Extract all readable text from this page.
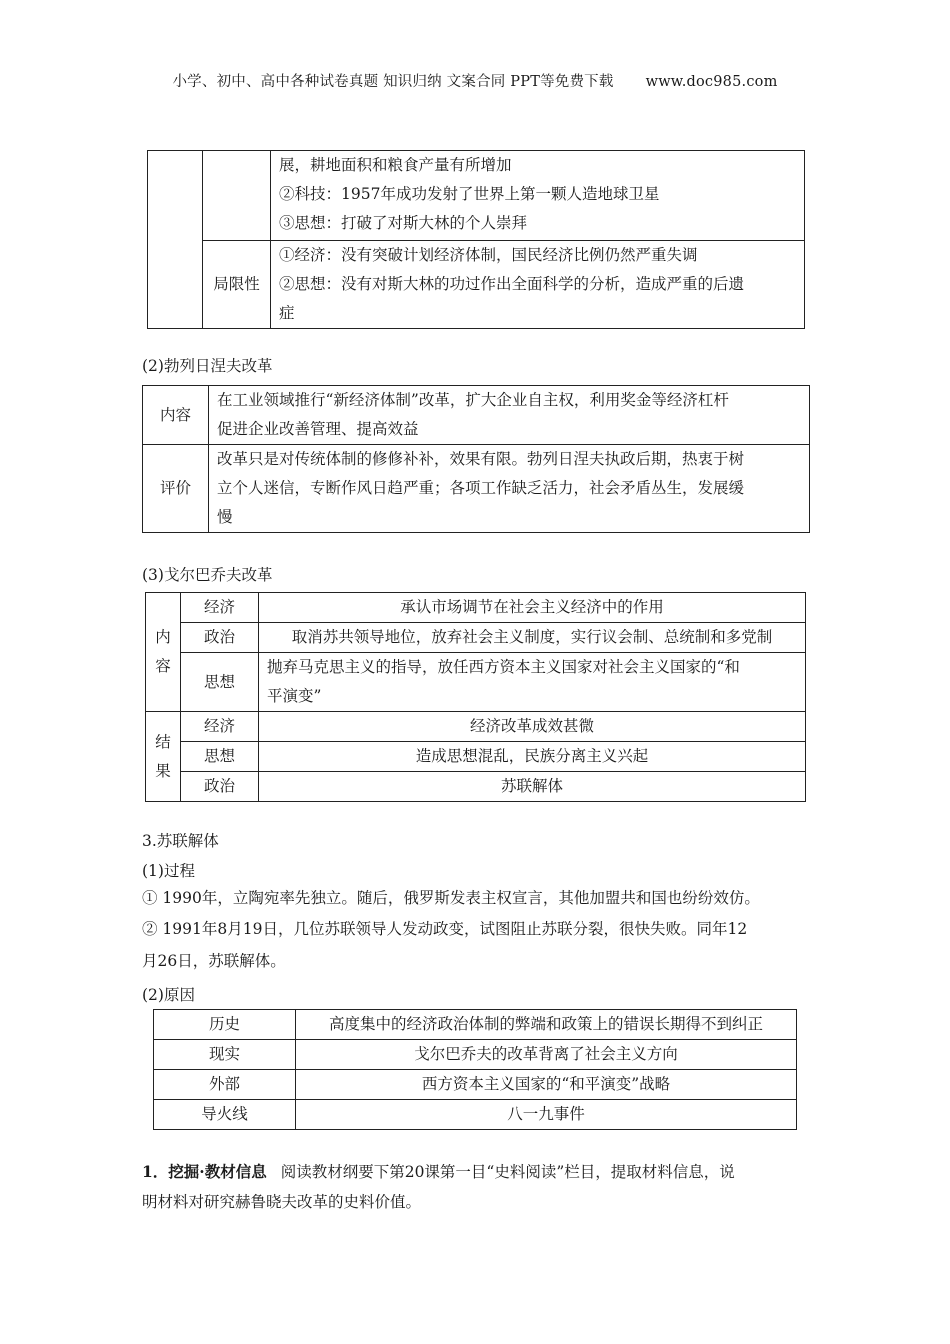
小学、初中、高中各种试卷真题 知识归纳 文案合同 PPT等免费下载 www.doc985.com

		展，耕地面积和粮食产量有所增加
②科技：1957年成功发射了世界上第一颗人造地球卫星
③思想：打破了对斯大林的个人崇拜

	局限性	①经济：没有突破计划经济体制，国民经济比例仍然严重失调
②思想：没有对斯大林的功过作出全面科学的分析，造成严重的后遗
症
(2)勃列日涅夫改革
内容	在工业领域推行“新经济体制”改革，扩大企业自主权，利用奖金等经济杠杆
促进企业改善管理、提高效益

评价	改革只是对传统体制的修修补补，效果有限。勃列日涅夫执政后期，热衷于树
立个人迷信，专断作风日趋严重；各项工作缺乏活力，社会矛盾丛生，发展缓
慢
(3)戈尔巴乔夫改革
内
容	经济	承认市场调节在社会主义经济中的作用
	政治	取消苏共领导地位，放弃社会主义制度，实行议会制、总统制和多党制
	思想	抛弃马克思主义的指导，放任西方资本主义国家对社会主义国家的“和
平演变”

结
果	经济	经济改革成效甚微
	思想	造成思想混乱，民族分离主义兴起
	政治	苏联解体
3.苏联解体
(1)过程
① 1990年，立陶宛率先独立。随后，俄罗斯发表主权宣言，其他加盟共和国也纷纷效仿。
② 1991年8月19日，几位苏联领导人发动政变，试图阻止苏联分裂，很快失败。同年12
月26日，苏联解体。
(2)原因
历史	高度集中的经济政治体制的弊端和政策上的错误长期得不到纠正
现实	戈尔巴乔夫的改革背离了社会主义方向
外部	西方资本主义国家的“和平演变”战略
导火线	八一九事件
1．挖掘·教材信息 阅读教材纲要下第20课第一目“史料阅读”栏目，提取材料信息，说
明材料对研究赫鲁晓夫改革的史料价值。
